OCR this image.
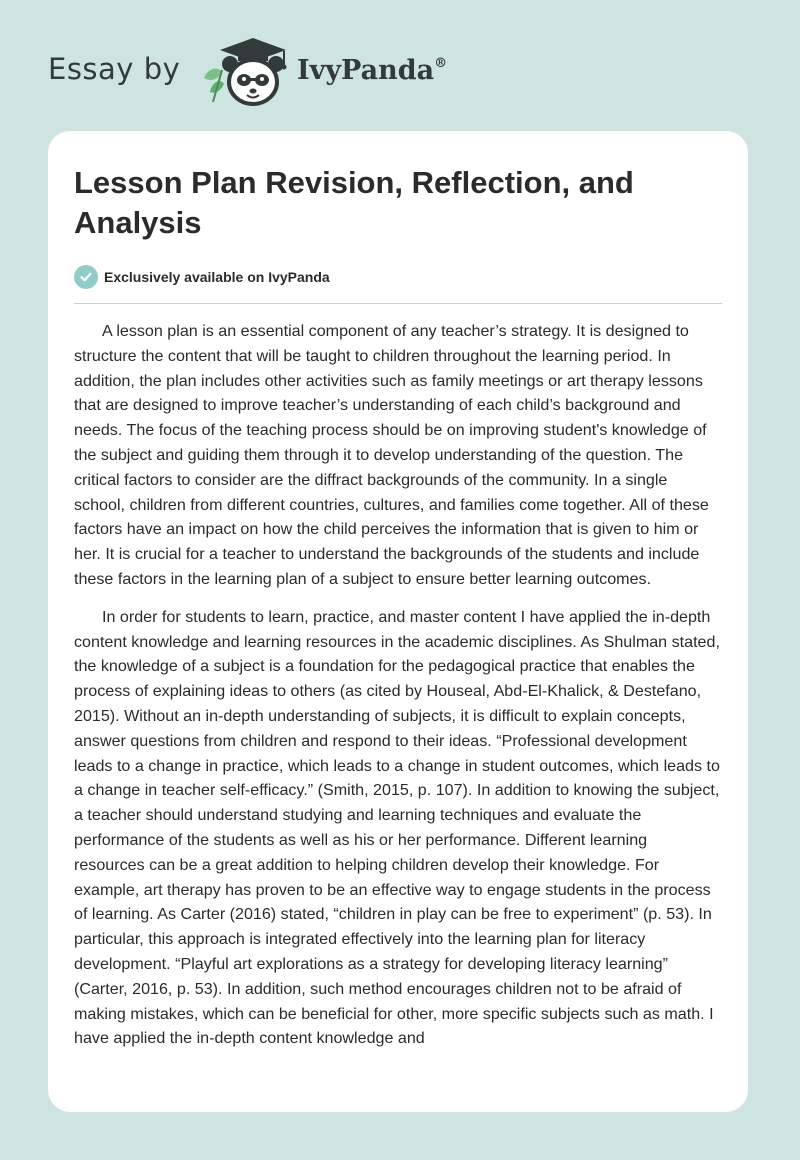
Essay by	IvyPanda®
Lesson Plan Revision, Reflection, and Analysis
Exclusively available on IvyPanda

A lesson plan is an essential component of any teacher’s strategy. It is designed to structure the content that will be taught to children throughout the learning period. In addition, the plan includes other activities such as family meetings or art therapy lessons that are designed to improve teacher’s understanding of each child’s background and needs. The focus of the teaching process should be on improving student's knowledge of the subject and guiding them through it to develop understanding of the question. The critical factors to consider are the diffract backgrounds of the community. In a single school, children from different countries, cultures, and families come together. All of these factors have an impact on how the child perceives the information that is given to him or her. It is crucial for a teacher to understand the backgrounds of the students and include these factors in the learning plan of a subject to ensure better learning outcomes.

In order for students to learn, practice, and master content I have applied the in-depth content knowledge and learning resources in the academic disciplines. As Shulman stated, the knowledge of a subject is a foundation for the pedagogical practice that enables the process of explaining ideas to others (as cited by Houseal, Abd-El-Khalick, & Destefano, 2015). Without an in-depth understanding of subjects, it is difficult to explain concepts, answer questions from children and respond to their ideas. “Professional development leads to a change in practice, which leads to a change in student outcomes, which leads to a change in teacher self-efficacy.” (Smith, 2015, p. 107). In addition to knowing the subject, a teacher should understand studying and learning techniques and evaluate the performance of the students as well as his or her performance. Different learning resources can be a great addition to helping children develop their knowledge. For example, art therapy has proven to be an effective way to engage students in the process of learning. As Carter (2016) stated, “children in play can be free to experiment” (p. 53). In particular, this approach is integrated effectively into the learning plan for literacy development. “Playful art explorations as a strategy for developing literacy learning” (Carter, 2016, p. 53). In addition, such method encourages children not to be afraid of making mistakes, which can be beneficial for other, more specific subjects such as math. I have applied the in-depth content knowledge and
